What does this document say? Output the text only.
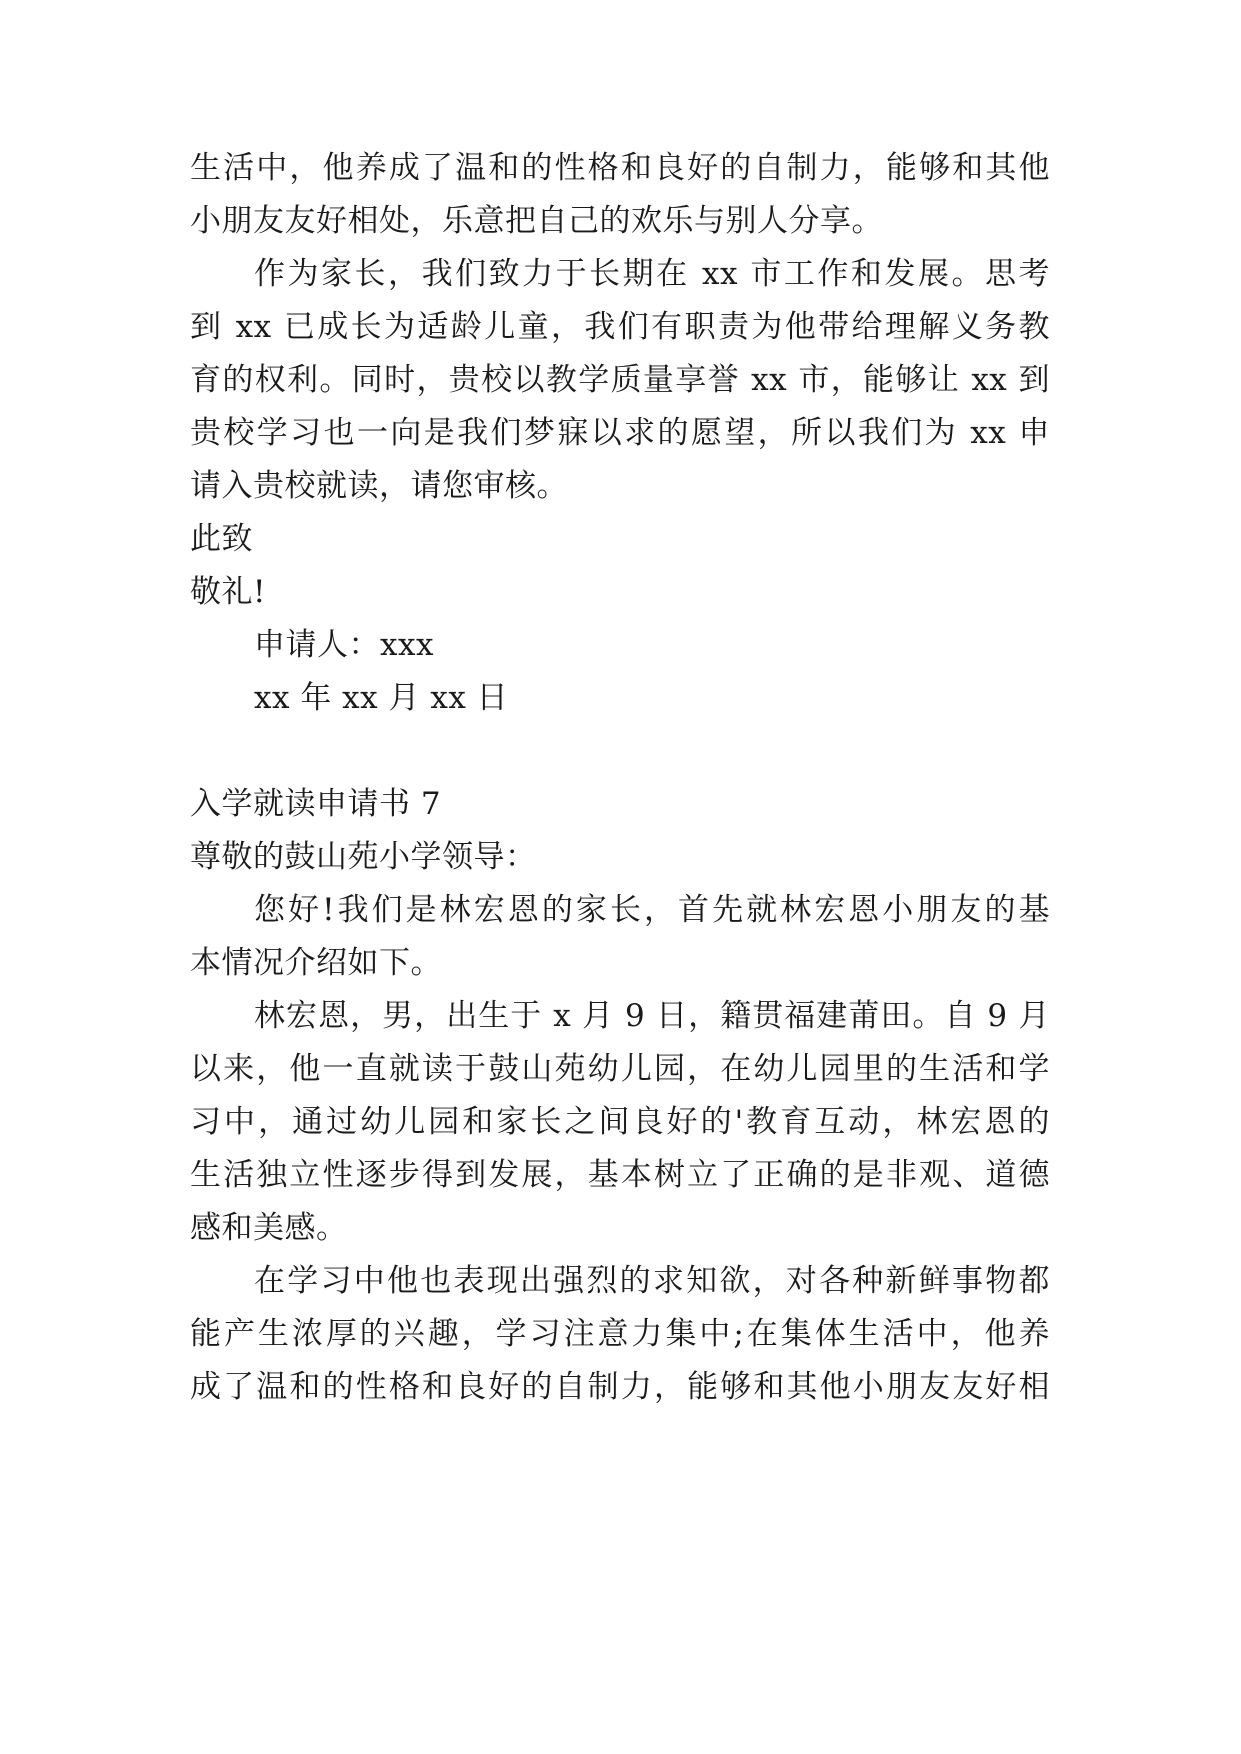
生活中，他养成了温和的性格和良好的自制力，能够和其他
小朋友友好相处，乐意把自己的欢乐与别人分享。
作为家长，我们致力于长期在 xx 市工作和发展。思考
到 xx 已成长为适龄儿童，我们有职责为他带给理解义务教
育的权利。同时，贵校以教学质量享誉 xx 市，能够让 xx 到
贵校学习也一向是我们梦寐以求的愿望，所以我们为 xx 申
请入贵校就读，请您审核。
此致
敬礼!
申请人：xxx
xx 年 xx 月 xx 日
入学就读申请书 7
尊敬的鼓山苑小学领导：
您好!我们是林宏恩的家长，首先就林宏恩小朋友的基
本情况介绍如下。
林宏恩，男，出生于 x 月 9 日，籍贯福建莆田。自 9 月
以来，他一直就读于鼓山苑幼儿园，在幼儿园里的生活和学
习中，通过幼儿园和家长之间良好的'教育互动，林宏恩的
生活独立性逐步得到发展，基本树立了正确的是非观、道德
感和美感。
在学习中他也表现出强烈的求知欲，对各种新鲜事物都
能产生浓厚的兴趣，学习注意力集中;在集体生活中，他养
成了温和的性格和良好的自制力，能够和其他小朋友友好相
